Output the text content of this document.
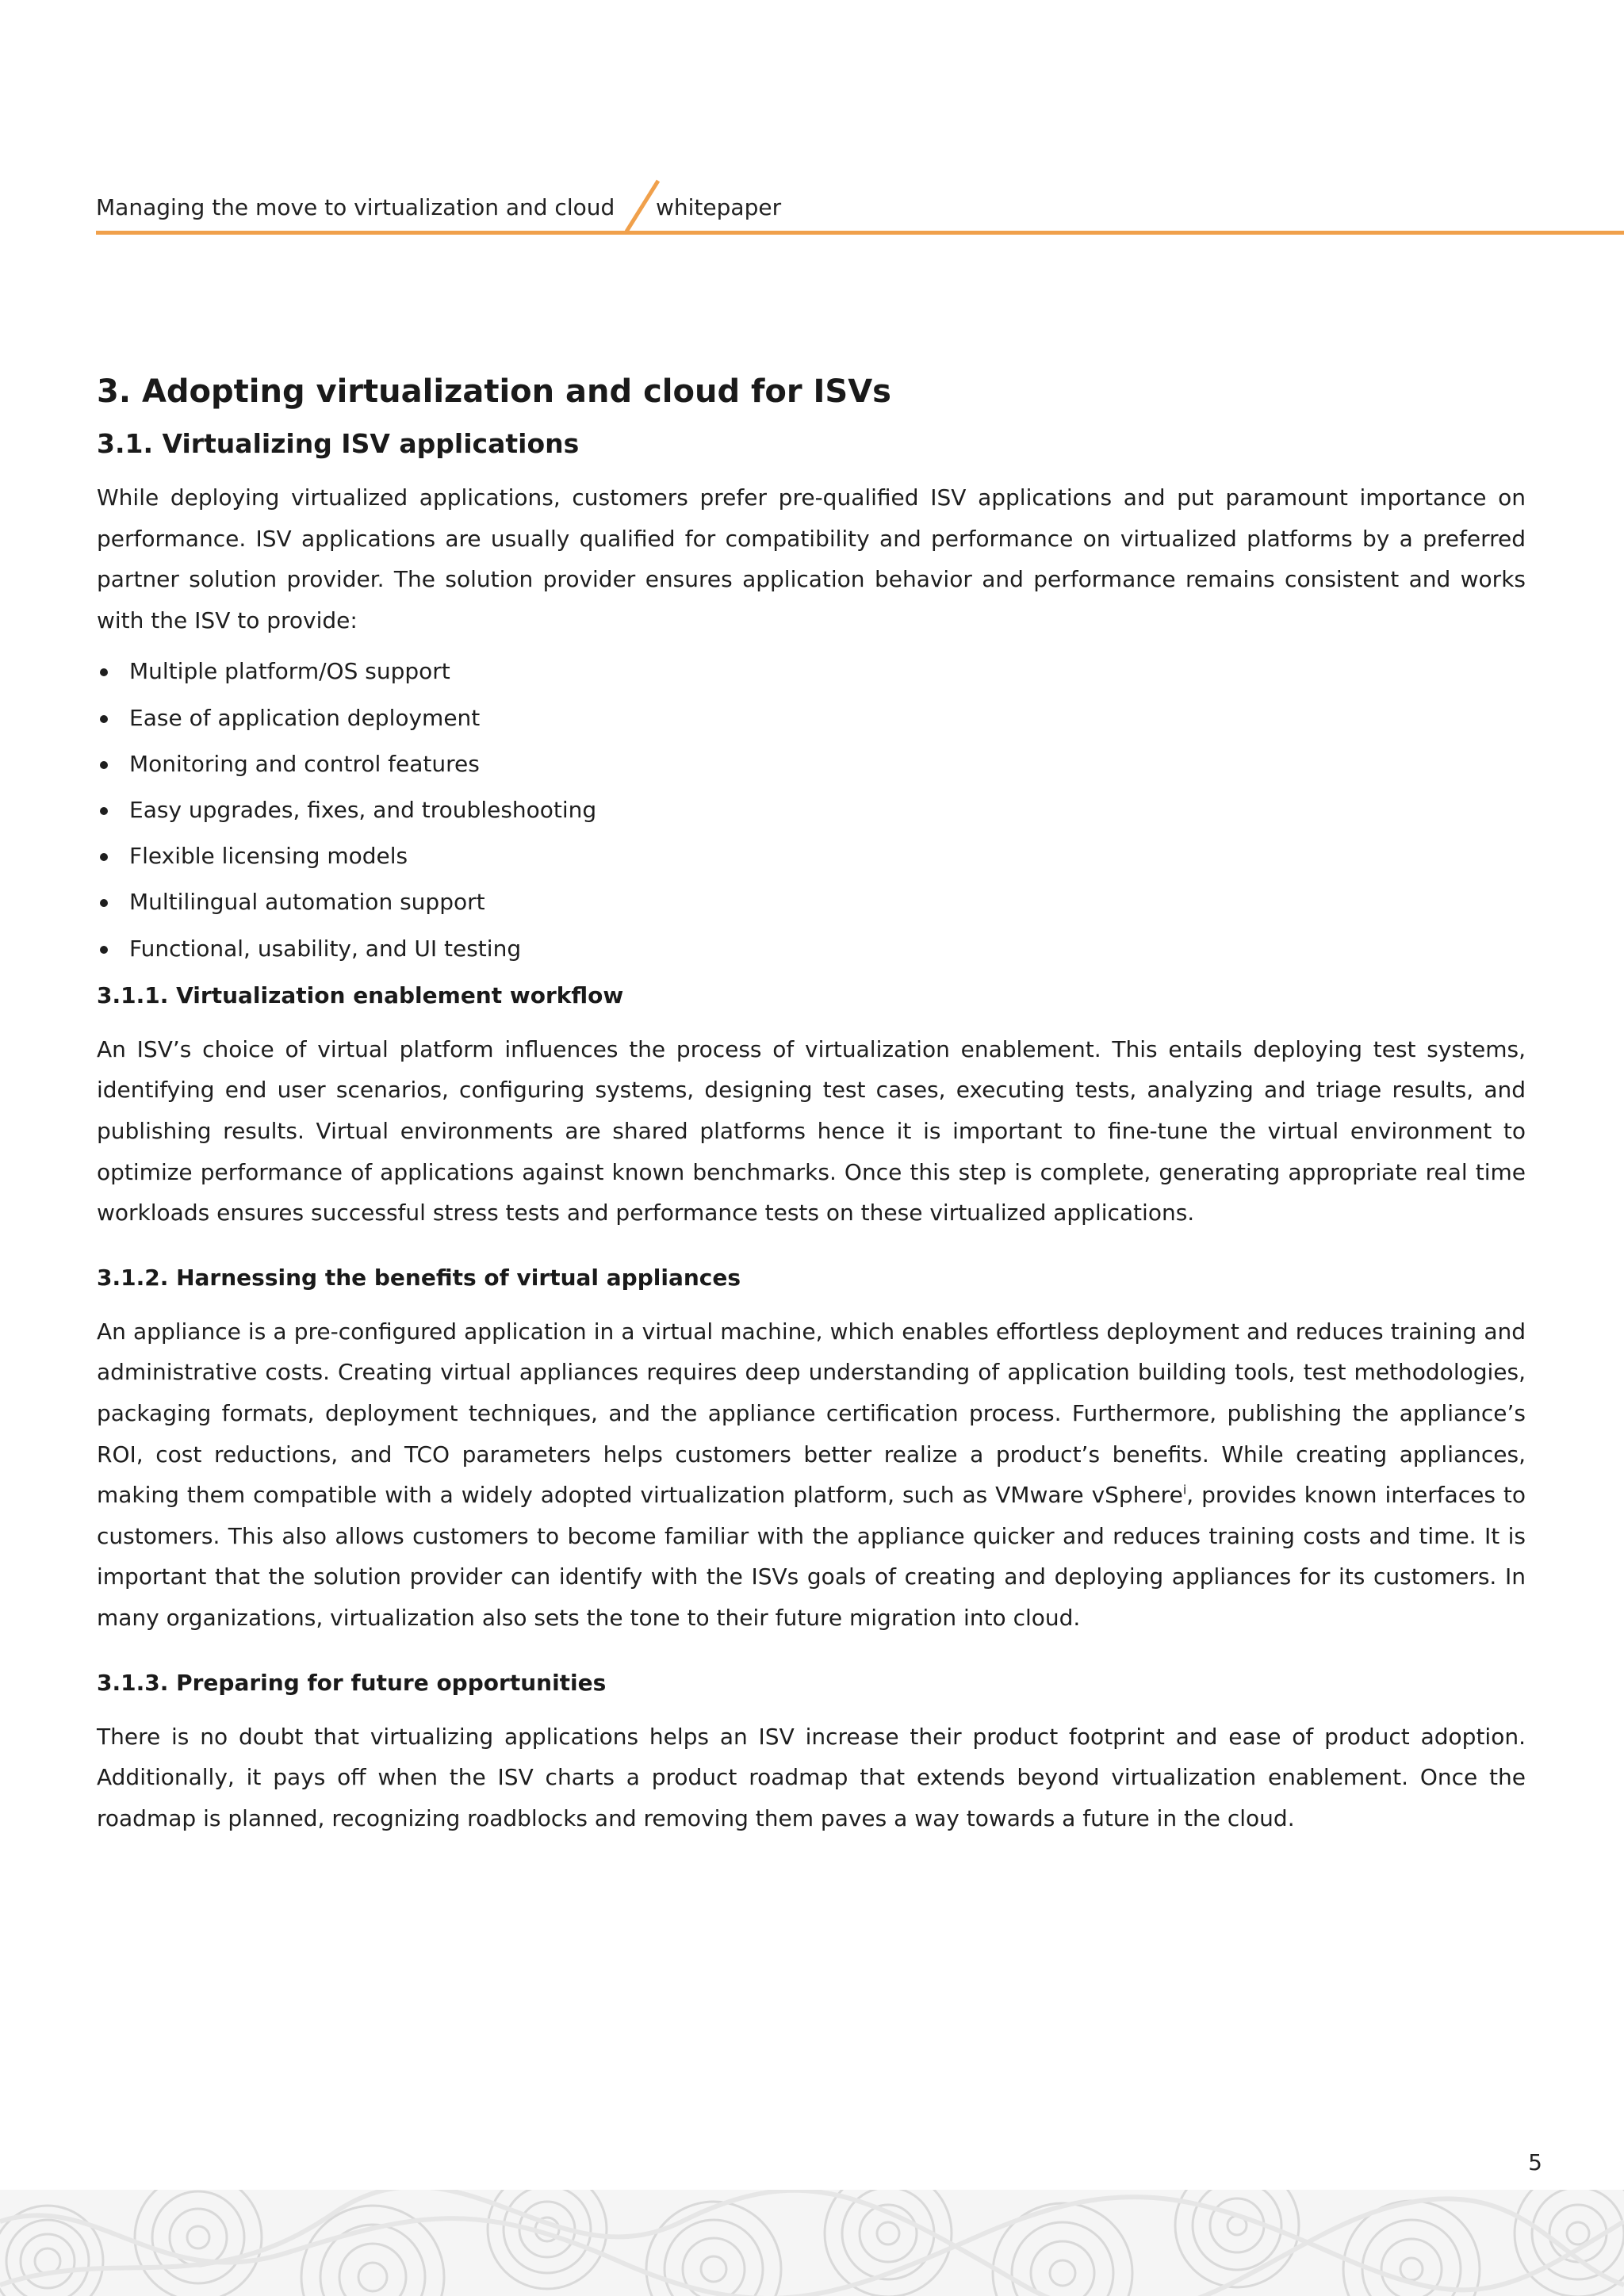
Managing the move to virtualization and cloud whitepaper
3. Adopting virtualization and cloud for ISVs
3.1. Virtualizing ISV applications

While deploying virtualized applications, customers prefer pre-qualified ISV applications and put paramount importance on performance. ISV applications are usually qualified for compatibility and performance on virtualized platforms by a preferred partner solution provider. The solution provider ensures application behavior and performance remains consistent and works with the ISV to provide:

Multiple platform/OS support
Ease of application deployment
Monitoring and control features
Easy upgrades, fixes, and troubleshooting
Flexible licensing models
Multilingual automation support
Functional, usability, and UI testing
3.1.1. Virtualization enablement workflow

An ISV’s choice of virtual platform influences the process of virtualization enablement. This entails deploying test systems, identifying end user scenarios, configuring systems, designing test cases, executing tests, analyzing and triage results, and publishing results. Virtual environments are shared platforms hence it is important to fine-tune the virtual environment to optimize performance of applications against known benchmarks. Once this step is complete, generating appropriate real time workloads ensures successful stress tests and performance tests on these virtualized applications.

3.1.2. Harnessing the benefits of virtual appliances

An appliance is a pre-configured application in a virtual machine, which enables effortless deployment and reduces training and administrative costs. Creating virtual appliances requires deep understanding of application building tools, test methodologies, packaging formats, deployment techniques, and the appliance certification process. Furthermore, publishing the appliance’s ROI, cost reductions, and TCO parameters helps customers better realize a product’s benefits. While creating appliances, making them compatible with a widely adopted virtualization platform, such as VMware vSphere$^i$, provides known interfaces to customers. This also allows customers to become familiar with the appliance quicker and reduces training costs and time. It is important that the solution provider can identify with the ISVs goals of creating and deploying appliances for its customers. In many organizations, virtualization also sets the tone to their future migration into cloud.

3.1.3. Preparing for future opportunities

There is no doubt that virtualizing applications helps an ISV increase their product footprint and ease of product adoption. Additionally, it pays off when the ISV charts a product roadmap that extends beyond virtualization enablement. Once the roadmap is planned, recognizing roadblocks and removing them paves a way towards a future in the cloud.

5
